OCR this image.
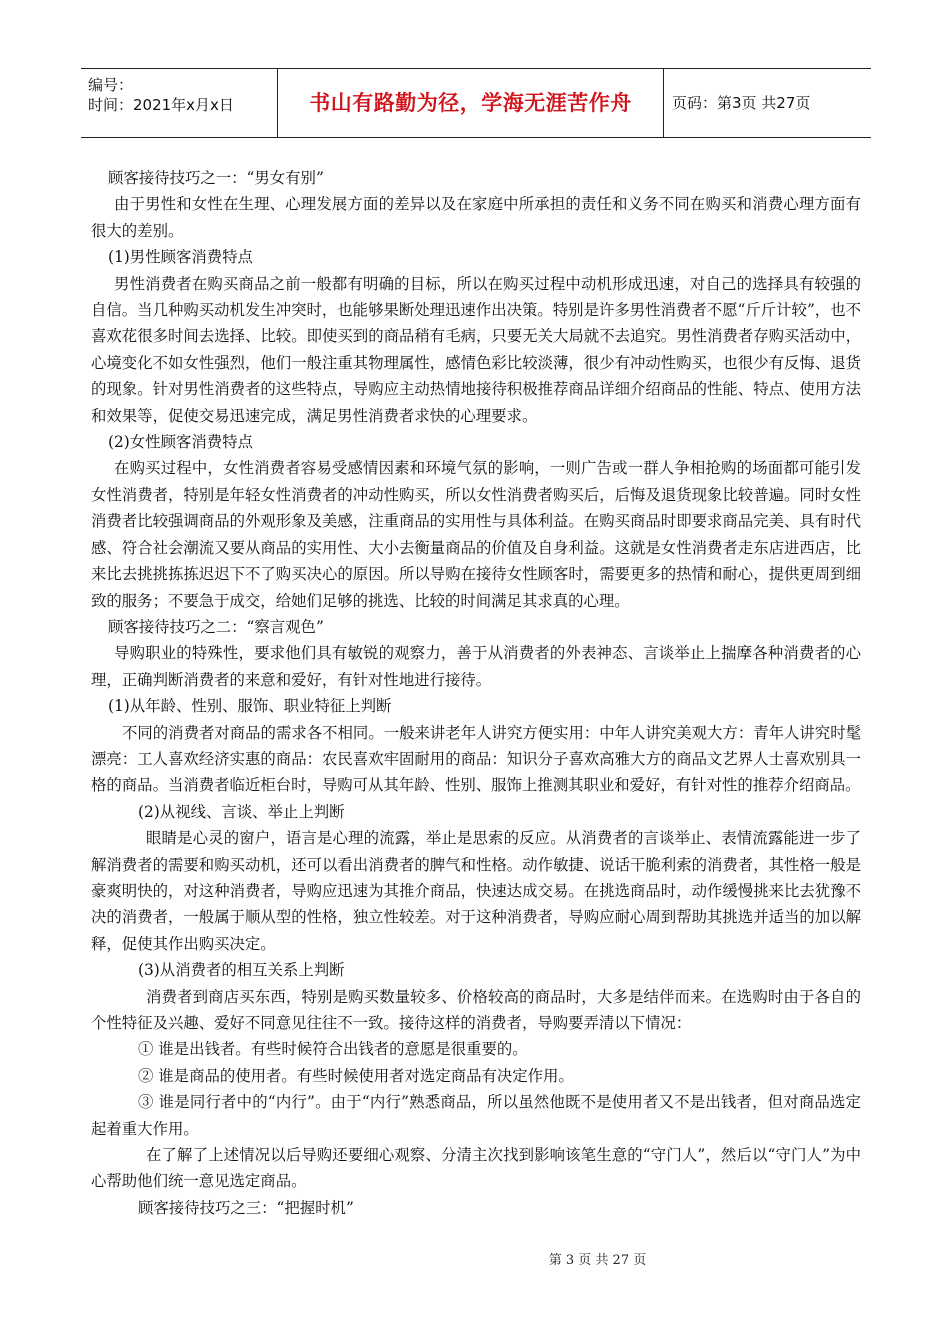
编号：
时间：2021年x月x日	书山有路勤为径，学海无涯苦作舟	页码：第3页 共27页

顾客接待技巧之一：“男女有别”

由于男性和女性在生理、心理发展方面的差异以及在家庭中所承担的责任和义务不同在购买和消费心理方面有很大的差别。

(1)男性顾客消费特点

男性消费者在购买商品之前一般都有明确的目标，所以在购买过程中动机形成迅速，对自己的选择具有较强的自信。当几种购买动机发生冲突时，也能够果断处理迅速作出决策。特别是许多男性消费者不愿“斤斤计较”，也不喜欢花很多时间去选择、比较。即使买到的商品稍有毛病，只要无关大局就不去追究。男性消费者存购买活动中，心境变化不如女性强烈，他们一般注重其物理属性，感情色彩比较淡薄，很少有冲动性购买，也很少有反悔、退货的现象。针对男性消费者的这些特点，导购应主动热情地接待积极推荐商品详细介绍商品的性能、特点、使用方法和效果等，促使交易迅速完成，满足男性消费者求快的心理要求。

(2)女性顾客消费特点

在购买过程中，女性消费者容易受感情因素和环境气氛的影响，一则广告或一群人争相抢购的场面都可能引发女性消费者，特别是年轻女性消费者的冲动性购买，所以女性消费者购买后，后悔及退货现象比较普遍。同时女性消费者比较强调商品的外观形象及美感，注重商品的实用性与具体利益。在购买商品时即要求商品完美、具有时代感、符合社会潮流又要从商品的实用性、大小去衡量商品的价值及自身利益。这就是女性消费者走东店进西店，比来比去挑挑拣拣迟迟下不了购买决心的原因。所以导购在接待女性顾客时，需要更多的热情和耐心，提供更周到细致的服务；不要急于成交，给她们足够的挑选、比较的时间满足其求真的心理。

顾客接待技巧之二：“察言观色”

导购职业的特殊性，要求他们具有敏锐的观察力，善于从消费者的外表神态、言谈举止上揣摩各种消费者的心理，正确判断消费者的来意和爱好，有针对性地进行接待。

(1)从年龄、性别、服饰、职业特征上判断

不同的消费者对商品的需求各不相同。一般来讲老年人讲究方便实用：中年人讲究美观大方：青年人讲究时髦漂亮：工人喜欢经济实惠的商品：农民喜欢牢固耐用的商品：知识分子喜欢高雅大方的商品文艺界人士喜欢别具一格的商品。当消费者临近柜台时，导购可从其年龄、性别、服饰上推测其职业和爱好，有针对性的推荐介绍商品。

(2)从视线、言谈、举止上判断

眼睛是心灵的窗户，语言是心理的流露，举止是思索的反应。从消费者的言谈举止、表情流露能进一步了解消费者的需要和购买动机，还可以看出消费者的脾气和性格。动作敏捷、说话干脆利索的消费者，其性格一般是豪爽明快的，对这种消费者，导购应迅速为其推介商品，快速达成交易。在挑选商品时，动作缓慢挑来比去犹豫不决的消费者，一般属于顺从型的性格，独立性较差。对于这种消费者，导购应耐心周到帮助其挑选并适当的加以解释，促使其作出购买决定。

(3)从消费者的相互关系上判断

消费者到商店买东西，特别是购买数量较多、价格较高的商品时，大多是结伴而来。在选购时由于各自的个性特征及兴趣、爱好不同意见往往不一致。接待这样的消费者，导购要弄清以下情况：

① 谁是出钱者。有些时候符合出钱者的意愿是很重要的。

② 谁是商品的使用者。有些时候使用者对选定商品有决定作用。

③ 谁是同行者中的“内行”。由于“内行”熟悉商品，所以虽然他既不是使用者又不是出钱者，但对商品选定起着重大作用。

在了解了上述情况以后导购还要细心观察、分清主次找到影响该笔生意的“守门人”，然后以“守门人”为中心帮助他们统一意见选定商品。

顾客接待技巧之三：“把握时机”

第 3 页 共 27 页
